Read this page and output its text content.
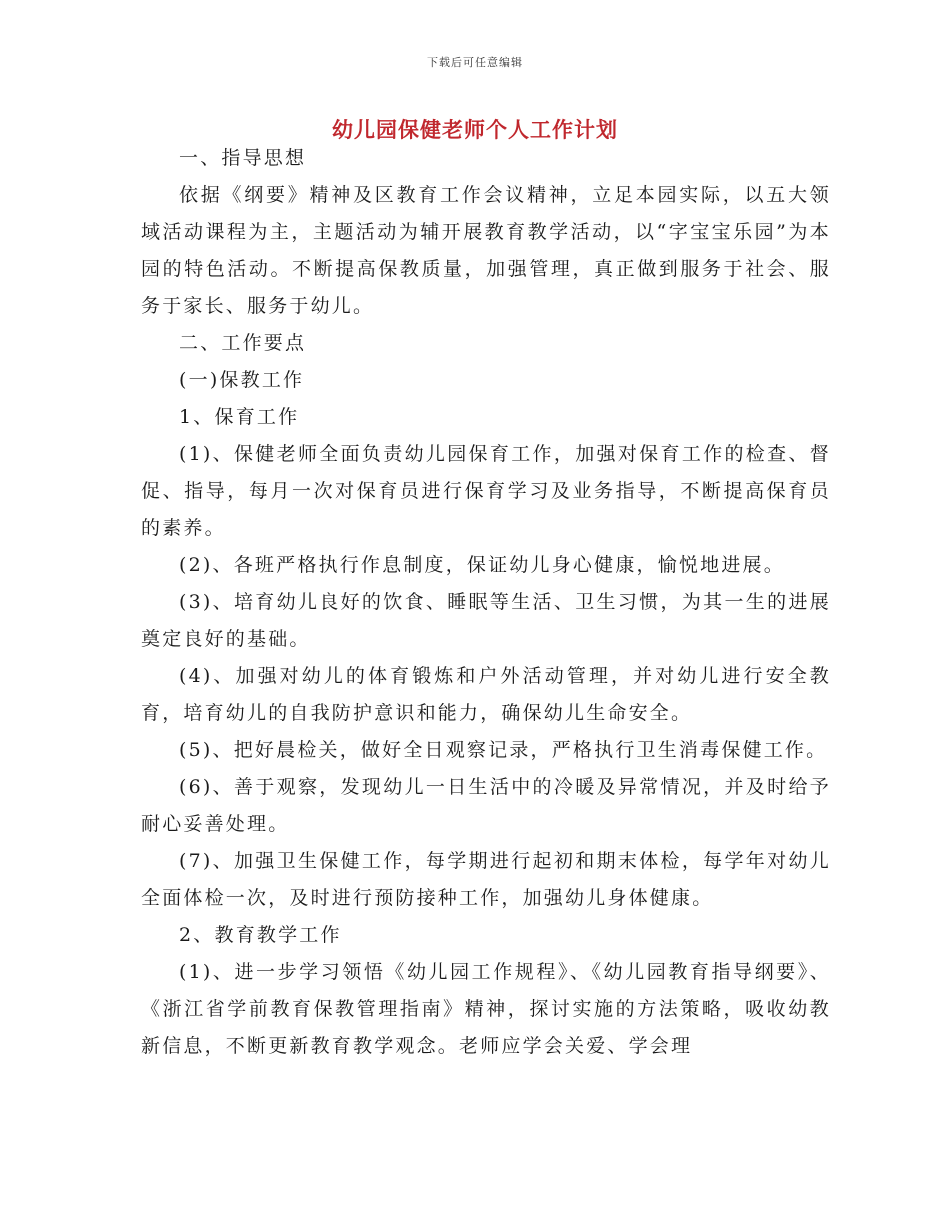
下载后可任意编辑
幼儿园保健老师个人工作计划

一、指导思想

依据《纲要》精神及区教育工作会议精神，立足本园实际，以五大领域活动课程为主，主题活动为辅开展教育教学活动，以“字宝宝乐园”为本园的特色活动。不断提高保教质量，加强管理，真正做到服务于社会、服务于家长、服务于幼儿。

二、工作要点

(一)保教工作

1、保育工作

(1)、保健老师全面负责幼儿园保育工作，加强对保育工作的检查、督促、指导，每月一次对保育员进行保育学习及业务指导，不断提高保育员的素养。

(2)、各班严格执行作息制度，保证幼儿身心健康，愉悦地进展。

(3)、培育幼儿良好的饮食、睡眠等生活、卫生习惯，为其一生的进展奠定良好的基础。

(4)、加强对幼儿的体育锻炼和户外活动管理，并对幼儿进行安全教育，培育幼儿的自我防护意识和能力，确保幼儿生命安全。

(5)、把好晨检关，做好全日观察记录，严格执行卫生消毒保健工作。

(6)、善于观察，发现幼儿一日生活中的冷暖及异常情况，并及时给予耐心妥善处理。

(7)、加强卫生保健工作，每学期进行起初和期末体检，每学年对幼儿全面体检一次，及时进行预防接种工作，加强幼儿身体健康。

2、教育教学工作

(1)、进一步学习领悟《幼儿园工作规程》、《幼儿园教育指导纲要》、《浙江省学前教育保教管理指南》精神，探讨实施的方法策略，吸收幼教新信息，不断更新教育教学观念。老师应学会关爱、学会理
